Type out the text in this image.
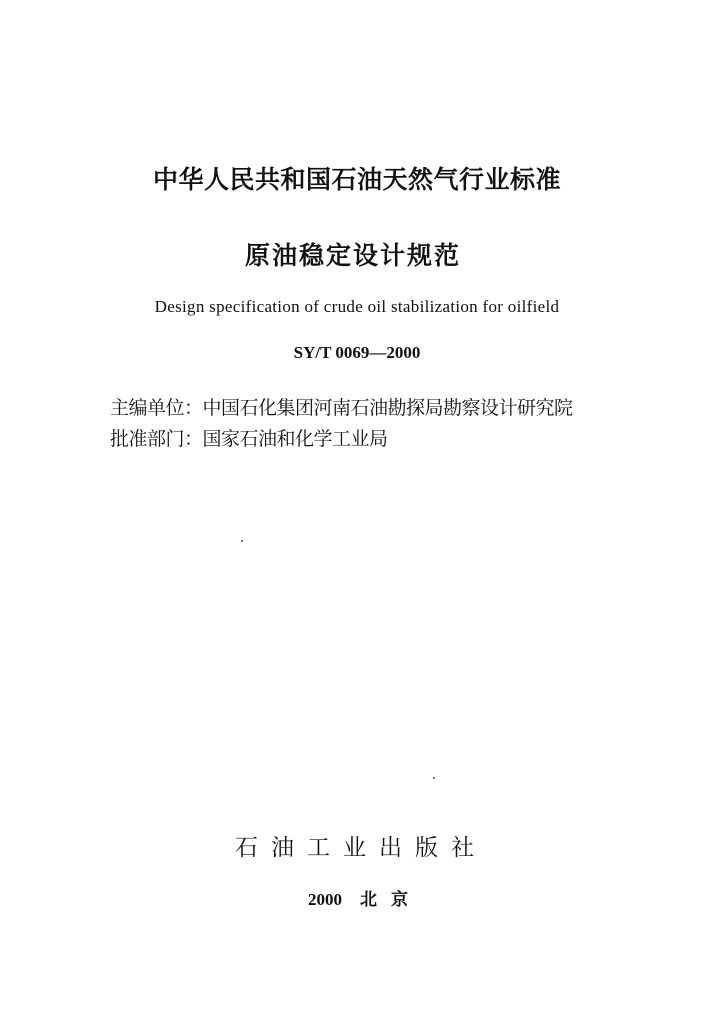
中华人民共和国石油天然气行业标准
原油稳定设计规范
Design specification of crude oil stabilization for oilfield
SY/T 0069—2000
主编单位：中国石化集团河南石油勘探局勘察设计研究院
批准部门：国家石油和化学工业局
石油工业出版社
2000 北 京
